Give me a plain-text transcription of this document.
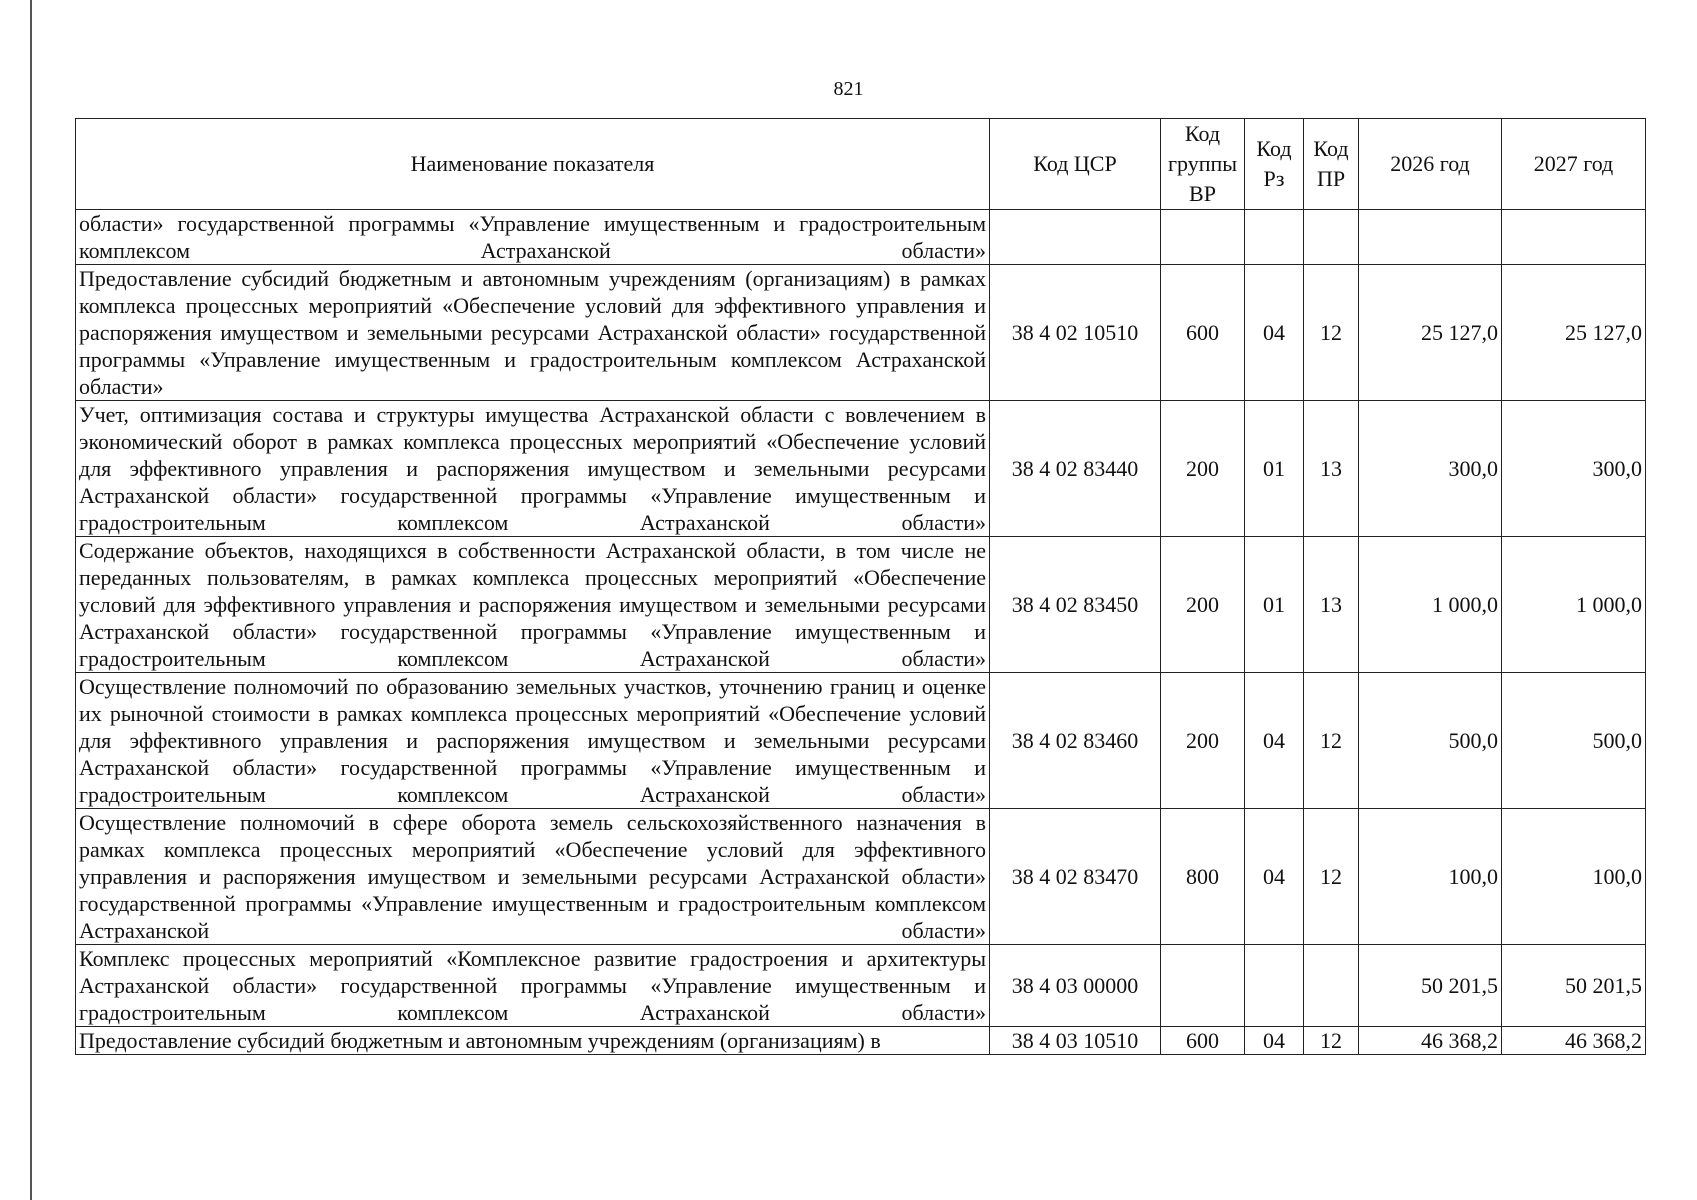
821
Наименование показателя	Код ЦСР	Код группы ВР	Код Рз	Код ПР	2026 год	2027 год
области» государственной программы «Управление имущественным и градостроительным комплексом Астраханской области»						
Предоставление субсидий бюджетным и автономным учреждениям (организациям) в рамках комплекса процессных мероприятий «Обеспечение условий для эффективного управления и распоряжения имуществом и земельными ресурсами Астраханской области» государственной программы «Управление имущественным и градостроительным комплексом Астраханской области»	38 4 02 10510	600	04	12	25 127,0	25 127,0
Учет, оптимизация состава и структуры имущества Астраханской области с вовлечением в экономический оборот в рамках комплекса процессных мероприятий «Обеспечение условий для эффективного управления и распоряжения имуществом и земельными ресурсами Астраханской области» государственной программы «Управление имущественным и градостроительным комплексом Астраханской области»	38 4 02 83440	200	01	13	300,0	300,0
Содержание объектов, находящихся в собственности Астраханской области, в том числе не переданных пользователям, в рамках комплекса процессных мероприятий «Обеспечение условий для эффективного управления и распоряжения имуществом и земельными ресурсами Астраханской области» государственной программы «Управление имущественным и градостроительным комплексом Астраханской области»	38 4 02 83450	200	01	13	1 000,0	1 000,0
Осуществление полномочий по образованию земельных участков, уточнению границ и оценке их рыночной стоимости в рамках комплекса процессных мероприятий «Обеспечение условий для эффективного управления и распоряжения имуществом и земельными ресурсами Астраханской области» государственной программы «Управление имущественным и градостроительным комплексом Астраханской области»	38 4 02 83460	200	04	12	500,0	500,0
Осуществление полномочий в сфере оборота земель сельскохозяйственного назначения в рамках комплекса процессных мероприятий «Обеспечение условий для эффективного управления и распоряжения имуществом и земельными ресурсами Астраханской области» государственной программы «Управление имущественным и градостроительным комплексом Астраханской области»	38 4 02 83470	800	04	12	100,0	100,0
Комплекс процессных мероприятий «Комплексное развитие градостроения и архитектуры Астраханской области» государственной программы «Управление имущественным и градостроительным комплексом Астраханской области»	38 4 03 00000				50 201,5	50 201,5
Предоставление субсидий бюджетным и автономным учреждениям (организациям) в	38 4 03 10510	600	04	12	46 368,2	46 368,2
